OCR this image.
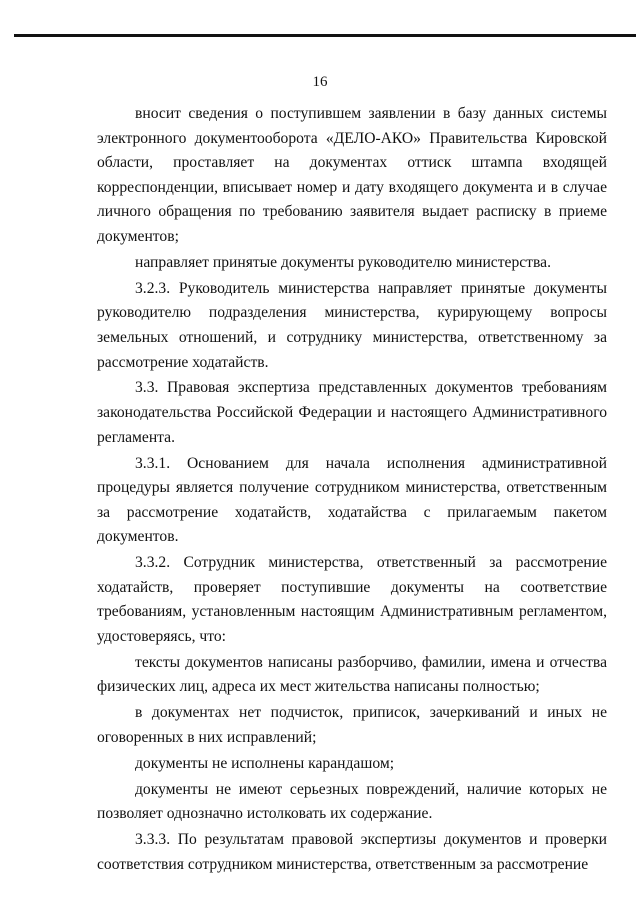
16

вносит сведения о поступившем заявлении в базу данных системы электронного документооборота «ДЕЛО-АКО» Правительства Кировской области, проставляет на документах оттиск штампа входящей корреспонденции, вписывает номер и дату входящего документа и в случае личного обращения по требованию заявителя выдает расписку в приеме документов;

направляет принятые документы руководителю министерства.

3.2.3. Руководитель министерства направляет принятые документы руководителю подразделения министерства, курирующему вопросы земельных отношений, и сотруднику министерства, ответственному за рассмотрение ходатайств.

3.3. Правовая экспертиза представленных документов требованиям законодательства Российской Федерации и настоящего Административного регламента.

3.3.1. Основанием для начала исполнения административной процедуры является получение сотрудником министерства, ответственным за рассмотрение ходатайств, ходатайства с прилагаемым пакетом документов.

3.3.2. Сотрудник министерства, ответственный за рассмотрение ходатайств, проверяет поступившие документы на соответствие требованиям, установленным настоящим Административным регламентом, удостоверяясь, что:

тексты документов написаны разборчиво, фамилии, имена и отчества физических лиц, адреса их мест жительства написаны полностью;

в документах нет подчисток, приписок, зачеркиваний и иных не оговоренных в них исправлений;

документы не исполнены карандашом;

документы не имеют серьезных повреждений, наличие которых не позволяет однозначно истолковать их содержание.

3.3.3. По результатам правовой экспертизы документов и проверки соответствия сотрудником министерства, ответственным за рассмотрение
